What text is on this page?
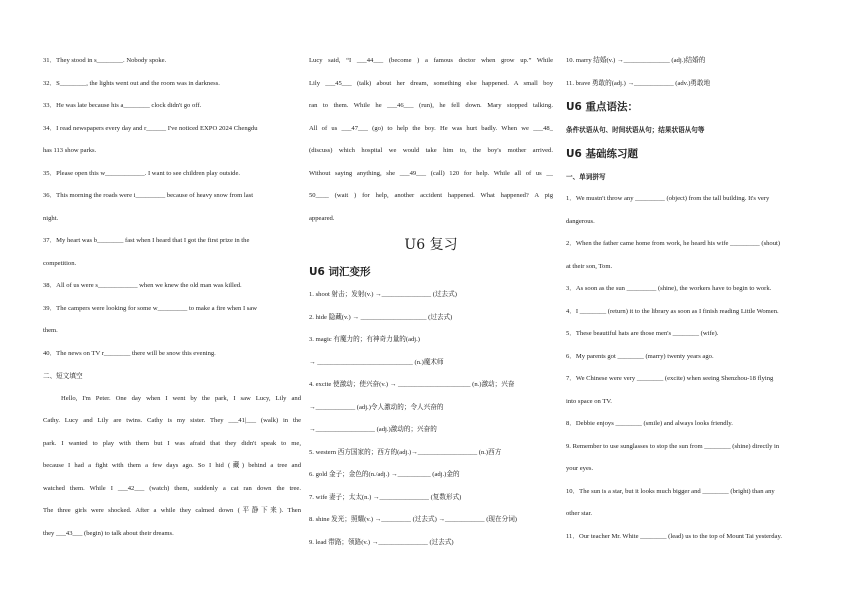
31．They stood in s________. Nobody spoke.
32．S________, the lights went out and the room was in darkness.
33．He was late because his a________ clock didn't go off.
34．I read newspapers every day and r______ I've noticed EXPO 2024 Chengdu
has 113 show parks.
35．Please open this w____________. I want to see children play outside.
36．This morning the roads were i_________ because of heavy snow from last
night.
37．My heart was b________ fast when I heard that I got the first prize in the
competition.
38．All of us were s____________ when we knew the old man was killed.
39．The campers were looking for some w_________ to make a fire when I saw
them.
40．The news on TV r________ there will be snow this evening.
二、短文填空
Hello, I'm Peter. One day when I went by the park, I saw Lucy, Lily and
Cathy. Lucy and Lily are twins. Cathy is my sister. They ___41|___ (walk) in the
park. I wanted to play with them but I was afraid that they didn't speak to me,
because I had a fight with them a few days ago. So I hid (藏) behind a tree and
watched them. While I ___42___ (watch) them, suddenly a cat ran down the tree.
The three girls were shocked. After a while they calmed down (平静下来). Then
they ___43___ (begin) to talk about their dreams.
Lucy said, “I ___44___ (become ) a famous doctor when grow up.” While
Lily ___45___ (talk) about her dream, something else happened. A small boy
ran to them. While he ___46___ (run), he fell down. Mary stopped talking.
All of us ___47___ (go) to help the boy. He was hurt badly. When we ___48_
(discuss) which hospital we would take him to, the boy's mother arrived.
Without saying anything, she ___49___ (call) 120 for help. While all of us __
50____ (wait ) for help, another accident happened. What happened? A pig
appeared.
U6 复习
U6 词汇变形
1. shoot 射击；发射(v.) →_______________ (过去式)
2. hide 隐藏(v.) → ____________________ (过去式)
3. magic 有魔力的；有神奇力量的(adj.)
→ _____________________________ (n.)魔术师
4. excite 使激动；使兴奋(v.) → ______________________ (n.)激动；兴奋
→____________ (adj.)令人激动的；令人兴奋的
→__________________ (adj.)激动的；兴奋的
5. western 西方国家的；西方的(adj.)→__________________ (n.)西方
6. gold 金子；金色的(n./adj.) →__________ (adj.)金的
7. wife 妻子；太太(n.) →_______________ (复数形式)
8. shine 发光；照耀(v.) →_________ (过去式) →____________ (现在分词)
9. lead 带路；领路(v.) →_______________ (过去式)
10. marry 结婚(v.) →______________ (adj.)结婚的
11. brave 勇敢的(adj.) →____________ (adv.)勇敢地
U6 重点语法：
条件状语从句、时间状语从句；结果状语从句等
U6 基础练习题
一、单词拼写
1．We mustn't throw any _________ (object) from the tall building. It's very
dangerous.
2．When the father came home from work, he heard his wife _________ (shout)
at their son, Tom.
3．As soon as the sun _________ (shine), the workers have to begin to work.
4．I ________ (return) it to the library as soon as I finish reading Little Women.
5．These beautiful hats are those men's ________ (wife).
6．My parents got ________ (marry) twenty years ago.
7．We Chinese were very ________ (excite) when seeing Shenzhou-18 flying
into space on TV.
8．Debbie enjoys ________ (smile) and always looks friendly.
9. Remember to use sunglasses to stop the sun from ________ (shine) directly in
your eyes.
10．The sun is a star, but it looks much bigger and ________ (bright) than any
other star.
11．Our teacher Mr. White ________ (lead) us to the top of Mount Tai yesterday.
